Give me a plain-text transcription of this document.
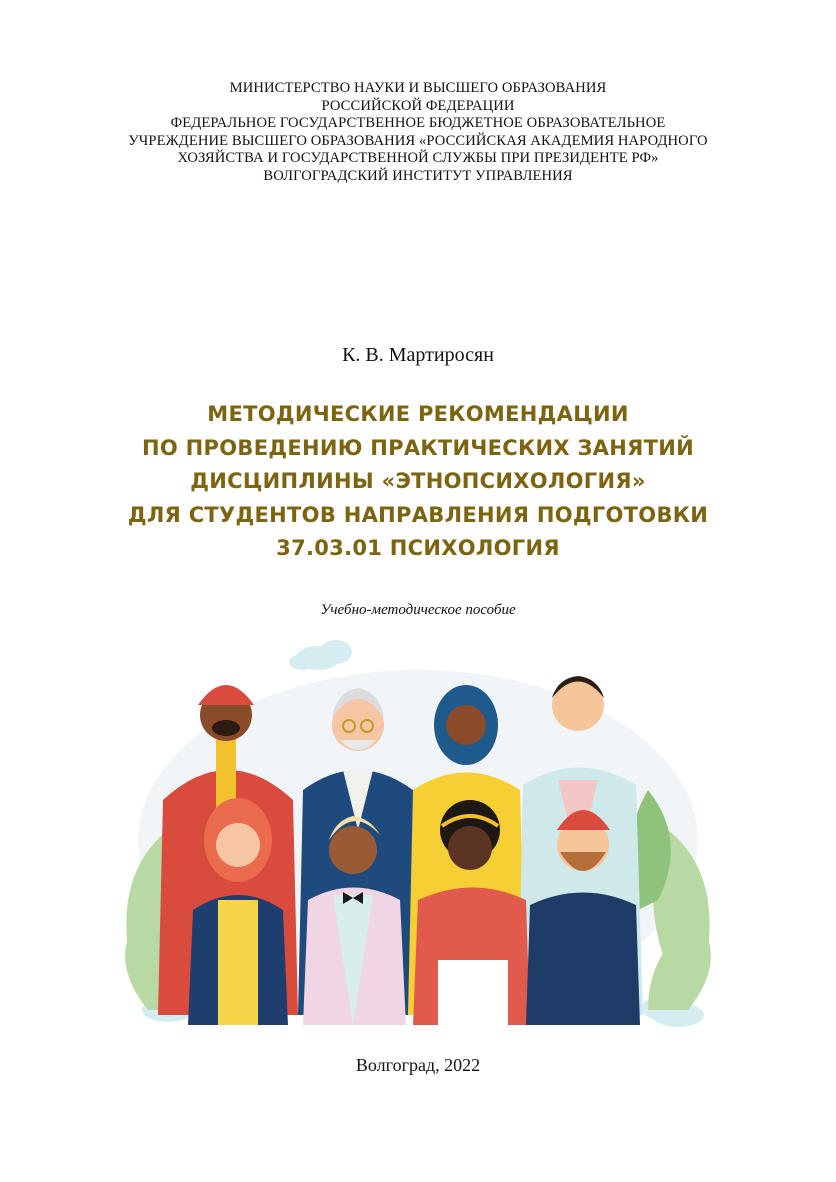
МИНИСТЕРСТВО НАУКИ И ВЫСШЕГО ОБРАЗОВАНИЯ
РОССИЙСКОЙ ФЕДЕРАЦИИ
ФЕДЕРАЛЬНОЕ ГОСУДАРСТВЕННОЕ БЮДЖЕТНОЕ ОБРАЗОВАТЕЛЬНОЕ
УЧРЕЖДЕНИЕ ВЫСШЕГО ОБРАЗОВАНИЯ «РОССИЙСКАЯ АКАДЕМИЯ НАРОДНОГО
ХОЗЯЙСТВА И ГОСУДАРСТВЕННОЙ СЛУЖБЫ ПРИ ПРЕЗИДЕНТЕ РФ»
ВОЛГОГРАДСКИЙ ИНСТИТУТ УПРАВЛЕНИЯ
К. В. Мартиросян
МЕТОДИЧЕСКИЕ РЕКОМЕНДАЦИИ
ПО ПРОВЕДЕНИЮ ПРАКТИЧЕСКИХ ЗАНЯТИЙ
ДИСЦИПЛИНЫ «ЭТНОПСИХОЛОГИЯ»
ДЛЯ СТУДЕНТОВ НАПРАВЛЕНИЯ ПОДГОТОВКИ
37.03.01 ПСИХОЛОГИЯ
Учебно-методическое пособие
Волгоград, 2022
